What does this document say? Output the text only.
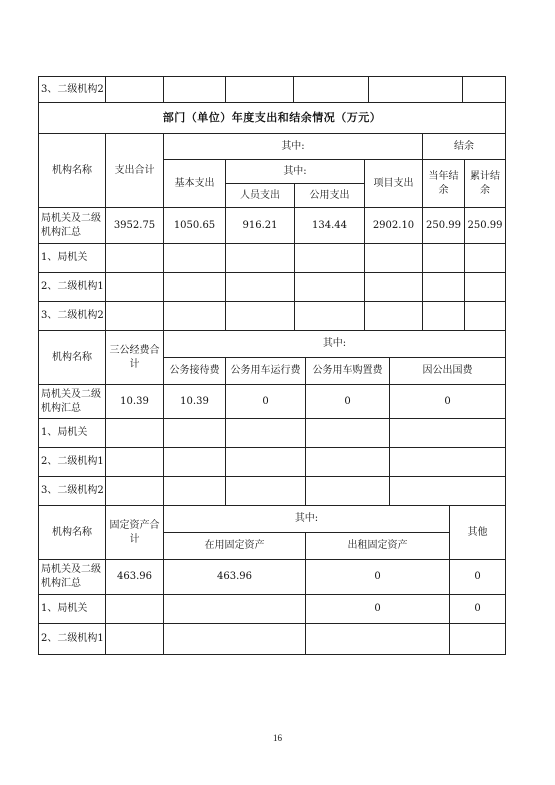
3、二级机构2						
部门（单位）年度支出和结余情况（万元）							
机构名称	支出合计	其中:				结余	
		基本支出	其中:		项目支出	当年结余	累计结余
			人员支出	公用支出			
局机关及二级机构汇总	3952.75	1050.65	916.21	134.44	2902.10	250.99	250.99
1、局机关							
2、二级机构1							
3、二级机构2							
机构名称	三公经费合计	其中:			
		公务接待费	公务用车运行费	公务用车购置费	因公出国费
局机关及二级机构汇总	10.39	10.39	0	0	0
1、局机关					
2、二级机构1					
3、二级机构2					
机构名称	固定资产合计	其中:		其他
		在用固定资产	出租固定资产	
局机关及二级机构汇总	463.96	463.96	0	0
1、局机关			0	0
2、二级机构1				
16
